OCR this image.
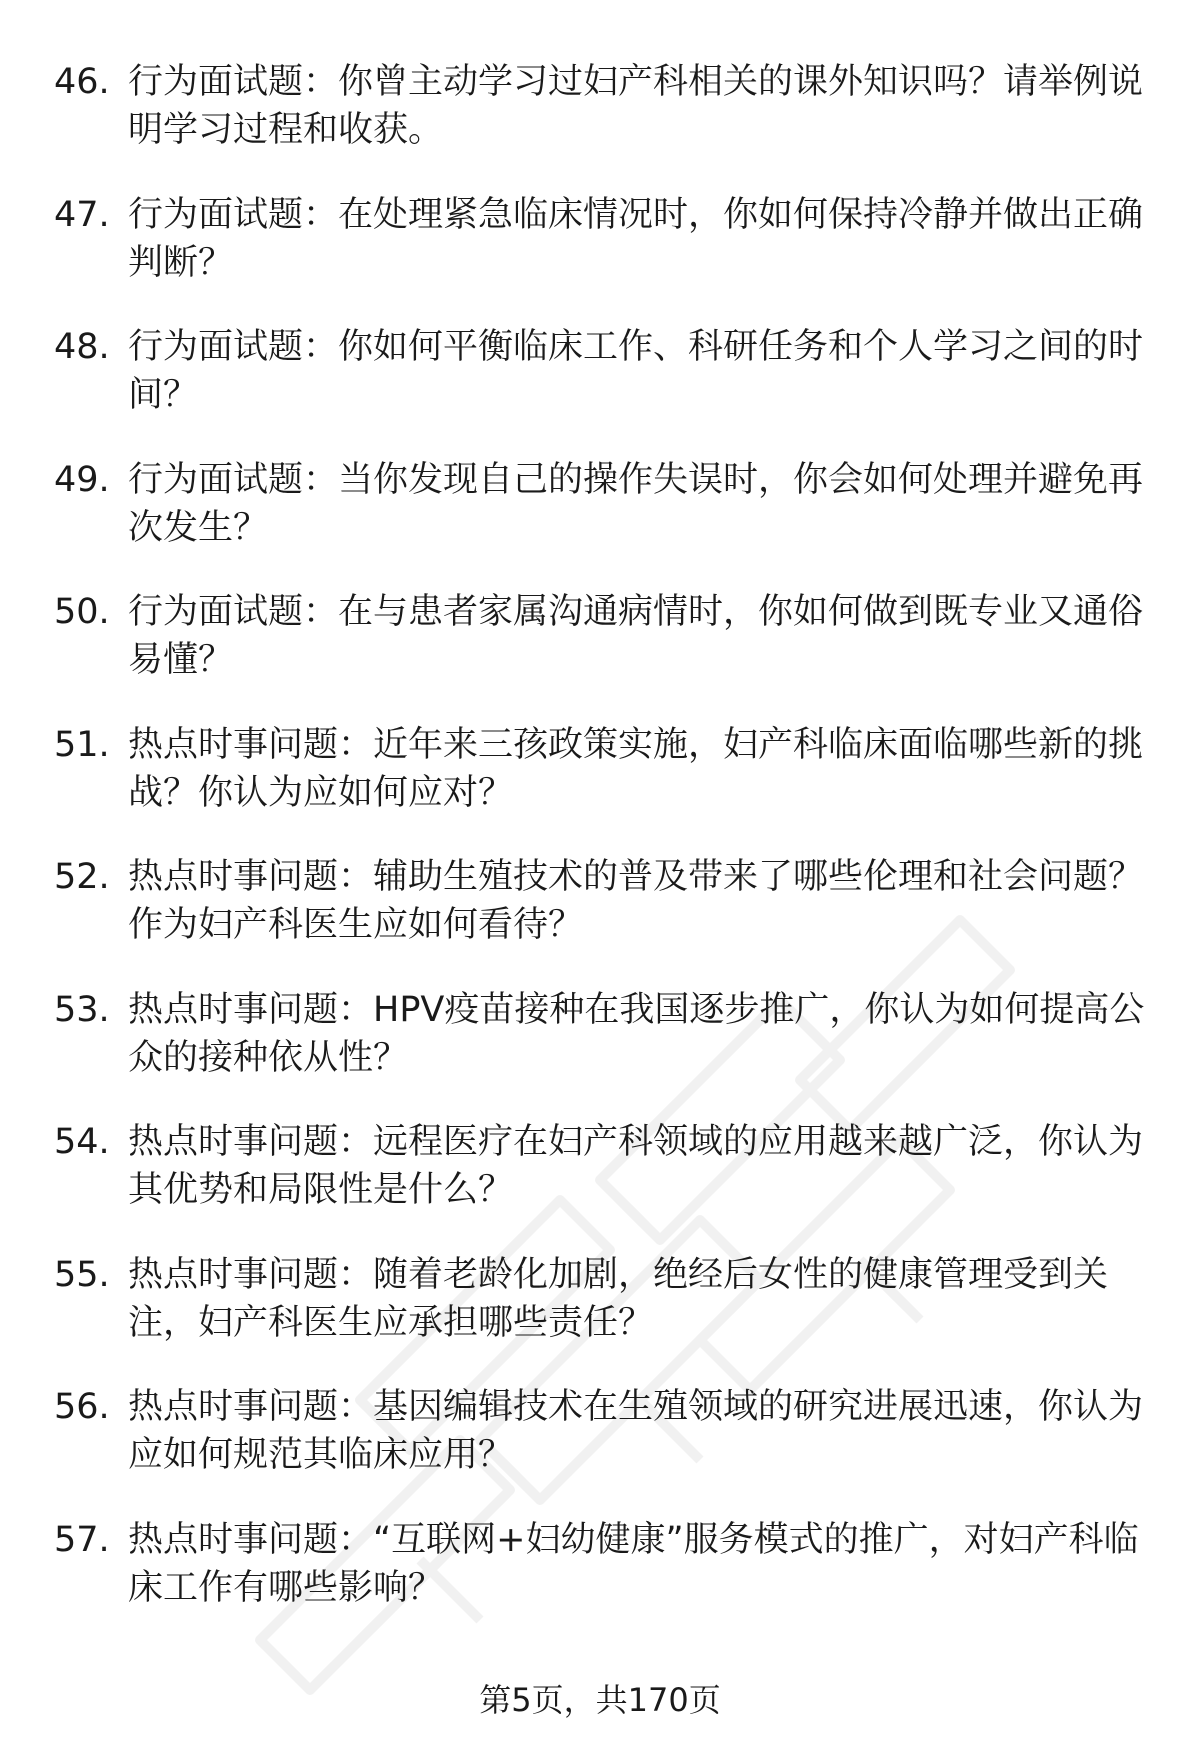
46. 行为面试题：你曾主动学习过妇产科相关的课外知识吗？请举例说明学习过程和收获。
47. 行为面试题：在处理紧急临床情况时，你如何保持冷静并做出正确判断？
48. 行为面试题：你如何平衡临床工作、科研任务和个人学习之间的时间？
49. 行为面试题：当你发现自己的操作失误时，你会如何处理并避免再次发生？
50. 行为面试题：在与患者家属沟通病情时，你如何做到既专业又通俗易懂？
51. 热点时事问题：近年来三孩政策实施，妇产科临床面临哪些新的挑战？你认为应如何应对？
52. 热点时事问题：辅助生殖技术的普及带来了哪些伦理和社会问题？作为妇产科医生应如何看待？
53. 热点时事问题：HPV疫苗接种在我国逐步推广，你认为如何提高公众的接种依从性？
54. 热点时事问题：远程医疗在妇产科领域的应用越来越广泛，你认为其优势和局限性是什么？
55. 热点时事问题：随着老龄化加剧，绝经后女性的健康管理受到关注，妇产科医生应承担哪些责任？
56. 热点时事问题：基因编辑技术在生殖领域的研究进展迅速，你认为应如何规范其临床应用？
57. 热点时事问题：“互联网+妇幼健康”服务模式的推广，对妇产科临床工作有哪些影响？
第5页，共170页
